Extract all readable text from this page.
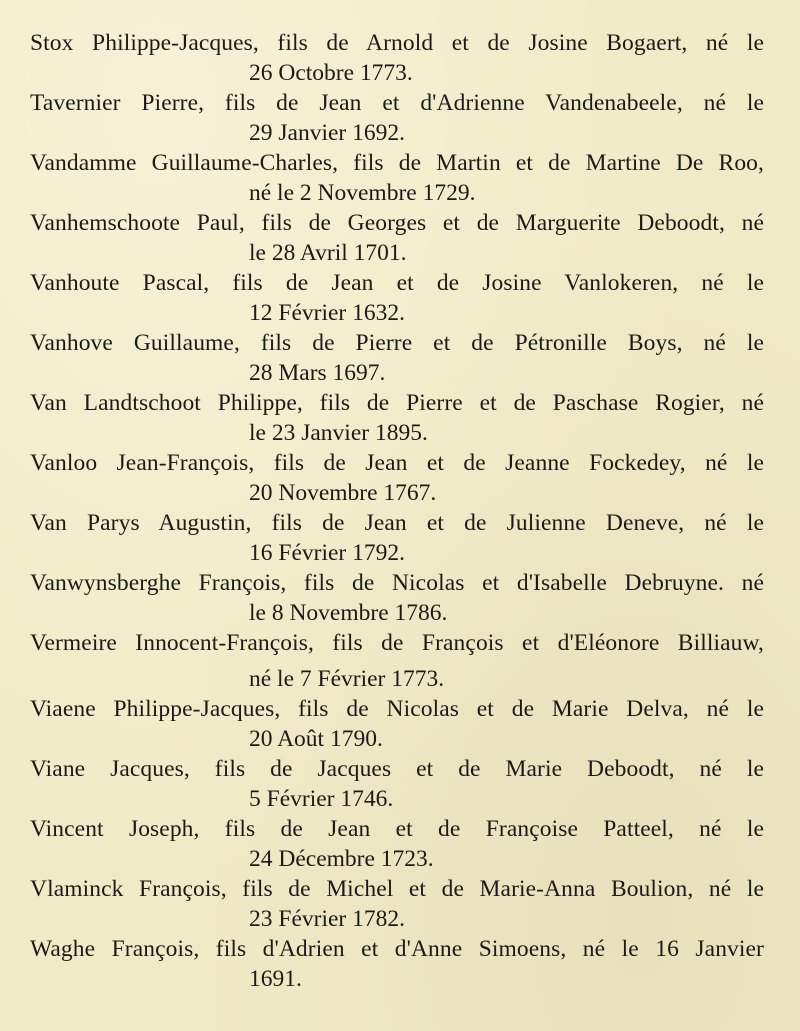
Stox Philippe-Jacques, fils de Arnold et de Josine Bogaert, né le
26 Octobre 1773.
Tavernier Pierre, fils de Jean et d'Adrienne Vandenabeele, né le
29 Janvier 1692.
Vandamme Guillaume-Charles, fils de Martin et de Martine De Roo,
né le 2 Novembre 1729.
Vanhemschoote Paul, fils de Georges et de Marguerite Deboodt, né
le 28 Avril 1701.
Vanhoute Pascal, fils de Jean et de Josine Vanlokeren, né le
12 Février 1632.
Vanhove Guillaume, fils de Pierre et de Pétronille Boys, né le
28 Mars 1697.
Van Landtschoot Philippe, fils de Pierre et de Paschase Rogier, né
le 23 Janvier 1895.
Vanloo Jean-François, fils de Jean et de Jeanne Fockedey, né le
20 Novembre 1767.
Van Parys Augustin, fils de Jean et de Julienne Deneve, né le
16 Février 1792.
Vanwynsberghe François, fils de Nicolas et d'Isabelle Debruyne. né
le 8 Novembre 1786.
Vermeire Innocent-François, fils de François et d'Eléonore Billiauw,
né le 7 Février 1773.
Viaene Philippe-Jacques, fils de Nicolas et de Marie Delva, né le
20 Août 1790.
Viane Jacques, fils de Jacques et de Marie Deboodt, né le
5 Février 1746.
Vincent Joseph, fils de Jean et de Françoise Patteel, né le
24 Décembre 1723.
Vlaminck François, fils de Michel et de Marie-Anna Boulion, né le
23 Février 1782.
Waghe François, fils d'Adrien et d'Anne Simoens, né le 16 Janvier
1691.
